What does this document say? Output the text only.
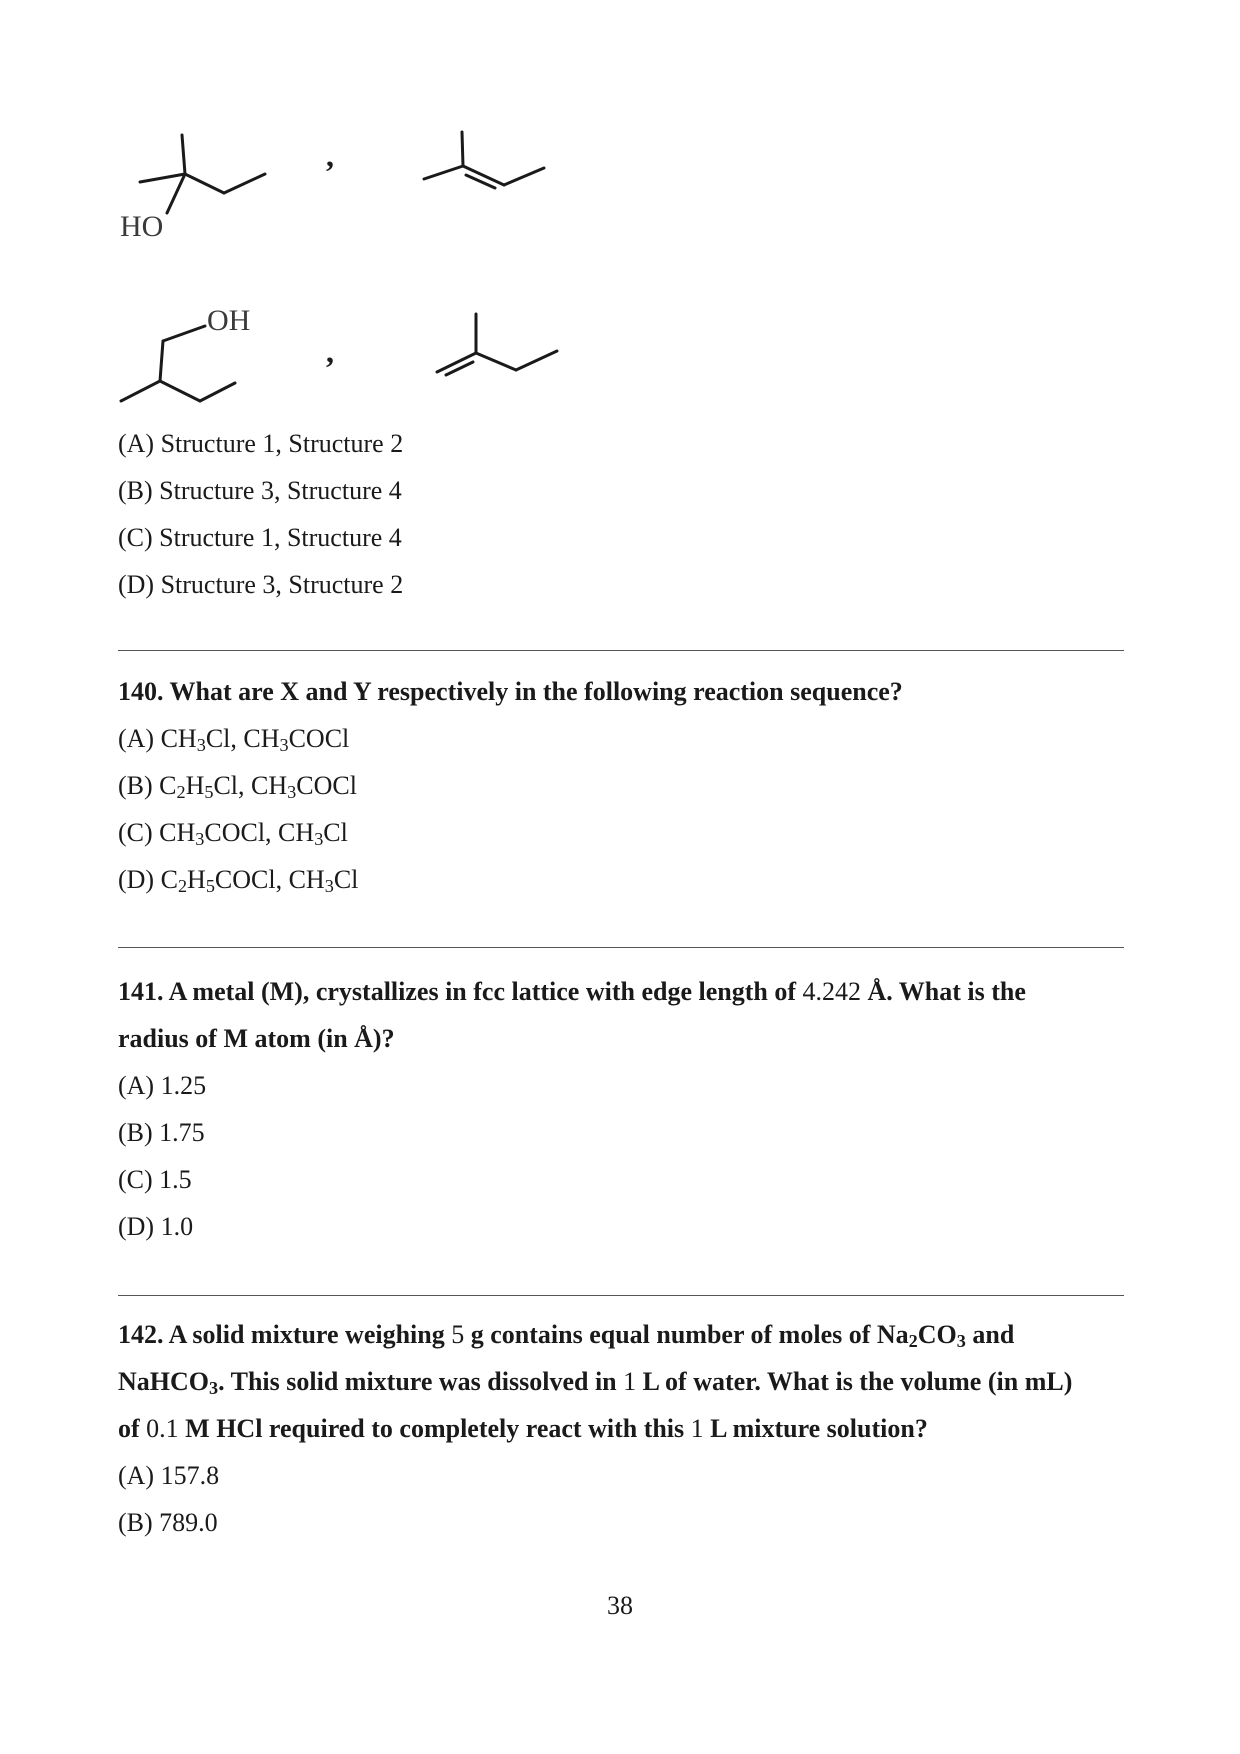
HO
,
OH
,
(A) Structure 1, Structure 2
(B) Structure 3, Structure 4
(C) Structure 1, Structure 4
(D) Structure 3, Structure 2
140. What are X and Y respectively in the following reaction sequence?
(A) $CH_3Cl$, $CH_3COCl$
(B) $C_2H_5Cl$, $CH_3COCl$
(C) $CH_3COCl$, $CH_3Cl$
(D) $C_2H_5COCl$, $CH_3Cl$
141. A metal (M), crystallizes in fcc lattice with edge length of 4.242 Å. What is the
radius of M atom (in Å)?
(A) 1.25
(B) 1.75
(C) 1.5
(D) 1.0
142. A solid mixture weighing 5 g contains equal number of moles of $Na_2CO_3$ and
NaHCO$_3$. This solid mixture was dissolved in 1 L of water. What is the volume (in mL)
of 0.1 M HCl required to completely react with this 1 L mixture solution?
(A) 157.8
(B) 789.0
38
